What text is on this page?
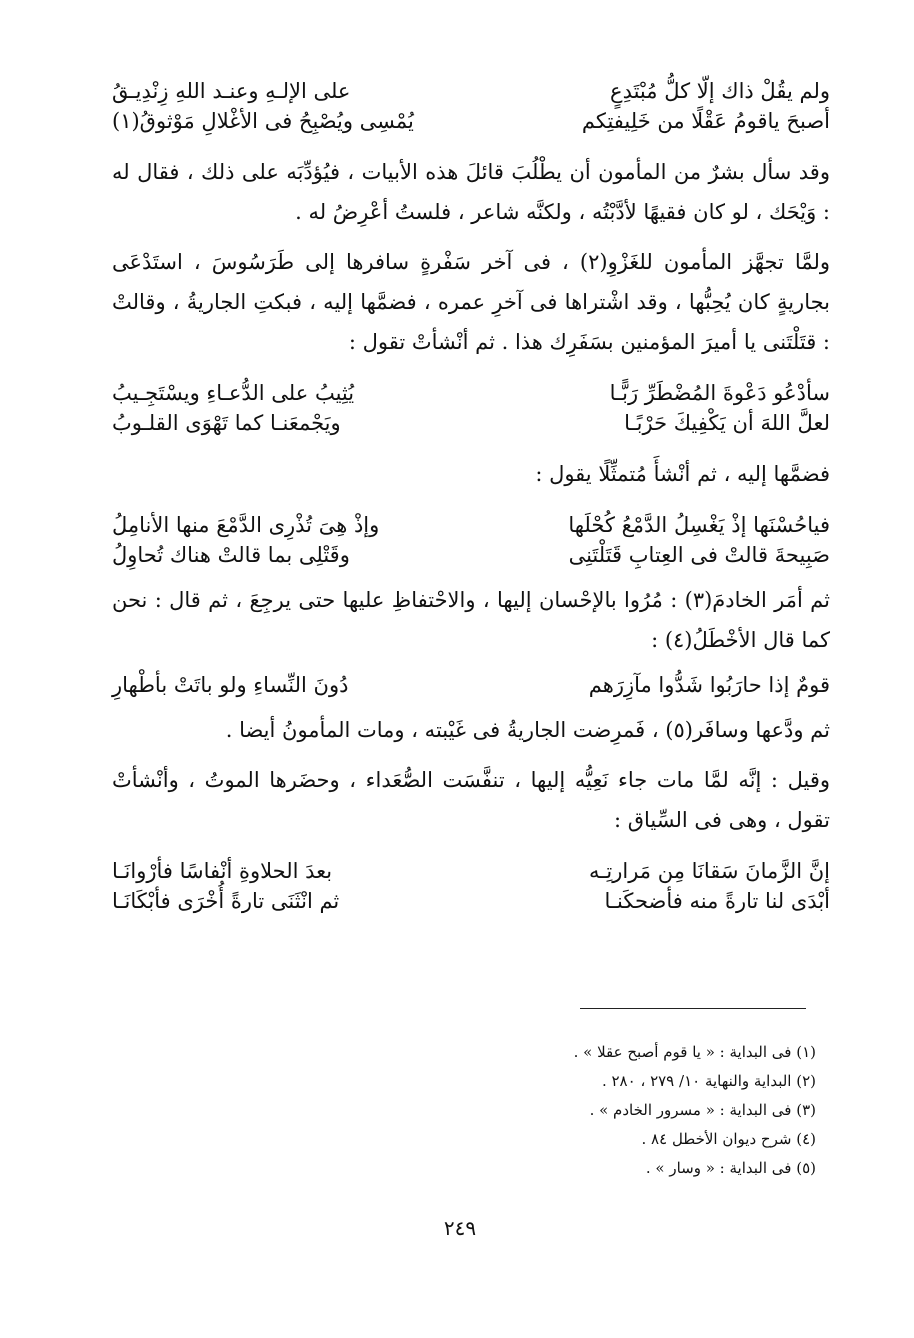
ولم يقُلْ ذاك إلّا كلُّ مُبْتَدِعٍ
على الإلـهِ وعنـد اللهِ زِنْدِيـقُ
أصبحَ ياقومُ عَقْلًا من خَلِيفتِكم
يُمْسِى ويُصْبِحُ فى الأغْلالِ مَوْثوقُ(١)

وقد سأل بشرٌ من المأمون أن يطْلُبَ قائلَ هذه الأبيات ، فيُؤدِّبَه على ذلك ، فقال له : وَيْحَك ، لو كان فقيهًا لأدَّبْتُه ، ولكنَّه شاعر ، فلستُ أعْرِضُ له .

ولمَّا تجهَّز المأمون للغَزْوِ(٢) ، فى آخر سَفْرةٍ سافرها إلى طَرَسُوسَ ، استَدْعَى بجاريةٍ كان يُحِبُّها ، وقد اشْتراها فى آخرِ عمره ، فضمَّها إليه ، فبكتِ الجاريةُ ، وقالتْ : قتَلْتَنى يا أميرَ المؤمنين بسَفَرِك هذا . ثم أنْشأتْ تقول :

سأدْعُو دَعْوةَ المُضْطَرِّ رَبًّـا
يُثِيبُ على الدُّعـاءِ ويسْتَجِـيبُ
لعلَّ اللهَ أن يَكْفِيكَ حَرْبًـا
ويَجْمعَنـا كما تَهْوَى القلـوبُ

فضمَّها إليه ، ثم أنْشأَ مُتمثِّلًا يقول :

فياحُسْنَها إذْ يَغْسِلُ الدَّمْعُ كُحْلَها
وإذْ هِىَ تُذْرِى الدَّمْعَ منها الأنامِلُ
صَبِيحةَ قالتْ فى العِتابِ قَتَلْتَنِى
وقَتْلِى بما قالتْ هناك تُحاوِلُ

ثم أمَر الخادمَ(٣) : مُرُوا بالإحْسان إليها ، والاحْتفاظِ عليها حتى يرجِعَ ، ثم قال : نحن كما قال الأخْطَلُ(٤) :

قومٌ إذا حارَبُوا شَدُّوا مآزِرَهم
دُونَ النِّساءِ ولو باتَتْ بأطْهارِ

ثم ودَّعها وسافَر(٥) ، فَمرِضت الجاريةُ فى غَيْبته ، ومات المأمونُ أيضا .

وقيل : إنَّه لمَّا مات جاء نَعِيُّه إليها ، تنفَّسَت الصُّعَداء ، وحضَرها الموتُ ، وأنْشأتْ تقول ، وهى فى السِّياق :

إنَّ الزَّمانَ سَقانَا مِن مَرارتِـه
بعدَ الحلاوةِ أنْفاسًا فأرْوانَـا
أبْدَى لنا تارةً منه فأضحكَنـا
ثم انْثَنَى تارةً أُخْرَى فأبْكَانَـا
(١) فى البداية : « يا قوم أصبح عقلا » .
(٢) البداية والنهاية ١٠/ ٢٧٩ ، ٢٨٠ .
(٣) فى البداية : « مسرور الخادم » .
(٤) شرح ديوان الأخطل ٨٤ .
(٥) فى البداية : « وسار » .
٢٤٩
